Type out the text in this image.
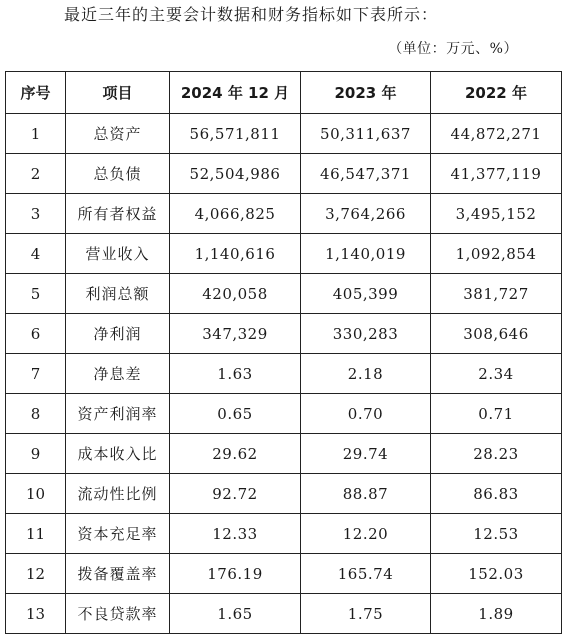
最近三年的主要会计数据和财务指标如下表所示：
（单位：万元、%）
序号	项目	2024 年 12 月	2023 年	2022 年
1	总资产	56,571,811	50,311,637	44,872,271
2	总负债	52,504,986	46,547,371	41,377,119
3	所有者权益	4,066,825	3,764,266	3,495,152
4	营业收入	1,140,616	1,140,019	1,092,854
5	利润总额	420,058	405,399	381,727
6	净利润	347,329	330,283	308,646
7	净息差	1.63	2.18	2.34
8	资产利润率	0.65	0.70	0.71
9	成本收入比	29.62	29.74	28.23
10	流动性比例	92.72	88.87	86.83
11	资本充足率	12.33	12.20	12.53
12	拨备覆盖率	176.19	165.74	152.03
13	不良贷款率	1.65	1.75	1.89
